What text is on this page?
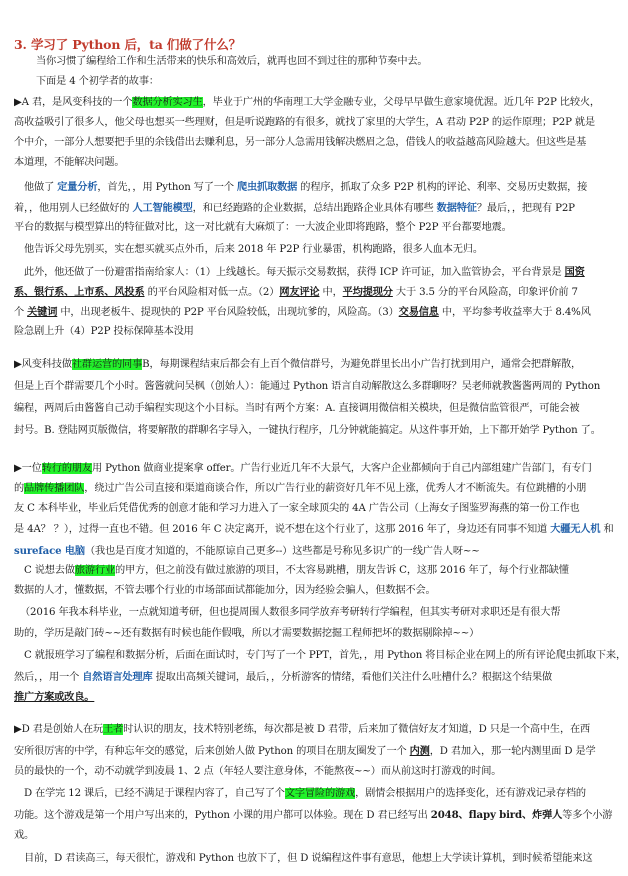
3. 学习了 Python 后，ta 们做了什么？
当你习惯了编程给工作和生活带来的快乐和高效后，就再也回不到过往的那种节奏中去。
下面是 4 个初学者的故事：
▶A 君，是风变科技的一个数据分析实习生，毕业于广州的华南理工大学金融专业，父母早早做生意家境优渥。近几年 P2P 比较火，
高收益吸引了很多人，他父母也想买一些理财，但是听说跑路的有很多，就找了家里的大学生，A 君动 P2P 的运作原理；P2P 就是
个中介，一部分人想要把手里的余钱借出去赚利息，另一部分人急需用钱解决燃眉之急，借钱人的收益越高风险越大。但这些是基
本道理，不能解决问题。
他做了 定量分析，首先，，用 Python 写了一个 爬虫抓取数据 的程序，抓取了众多 P2P 机构的评论、利率、交易历史数据，接
着，，他用别人已经做好的 人工智能模型，和已经跑路的企业数据，总结出跑路企业具体有哪些 数据特征？最后，，把现有 P2P
平台的数据与模型算出的特征做对比，这一对比就有大麻烦了：一大波企业即将跑路，整个 P2P 平台都要地震。
他告诉父母先别买，实在想买就买点外币，后来 2018 年 P2P 行业暴雷，机构跑路，很多人血本无归。
此外，他还做了一份避雷指南给家人：（1）上线越长。每天振示交易数据，获得 ICP 许可证，加入监管协会，平台背景是 国资
系、银行系、上市系、风投系 的平台风险相对低一点。（2）网友评论 中，平均提现分 大于 3.5 分的平台风险高，印象评价前 7
个 关键词 中，出现老板牛、提现快的 P2P 平台风险较低，出现坑爹的，风险高。（3）交易信息 中，平均参考收益率大于 8.4%风
险急剧上升（4）P2P 投标保障基本没用
▶风变科技做社群运营的同事B，每期课程结束后都会有上百个微信群号，为避免群里长出小广告打扰到用户，通常会把群解散，
但是上百个群需要几个小时。酱酱就问吴枫（创始人）：能通过 Python 语言自动解散这么多群聊呀？吴老师就教酱酱两周的 Python
编程，两周后由酱酱自己动手编程实现这个小目标。当时有两个方案：A. 直接调用微信相关模块，但是微信监管很严，可能会被
封号。B. 登陆网页版微信，将要解散的群聊名字导入，一键执行程序，几分钟就能搞定。从这件事开始，上下都开始学 Python 了。
▶一位转行的朋友用 Python 做商业提案拿 offer。广告行业近几年不大景气，大客户企业都倾向于自己内部组建广告部门，有专门
的品牌传播团队，绕过广告公司直接和渠道商谈合作，所以广告行业的薪资好几年不见上涨，优秀人才不断流失。有位跳槽的小朋
友 C 本科毕业，毕业后凭借优秀的创意才能和学习力进入了一家全球顶尖的 4A 广告公司（上海女子图鉴罗海燕的第一份工作也
是 4A？ ？），过得一直也不错。但 2016 年 C 决定离开，说不想在这个行业了，这那 2016 年了，身边还有同事不知道 大疆无人机 和
sureface 电脑（我也是百度才知道的，不能原谅自己更多--）这些都是号称见多识广的一线广告人呀~~
C 说想去做旅游行业的甲方，但之前没有做过旅游的项目，不太容易跳槽，朋友告诉 C，这那 2016 年了，每个行业都缺懂
数据的人才，懂数据，不管去哪个行业的市场部面试都能加分，因为经验会骗人，但数据不会。
（2016 年我本科毕业，一点就知道考研，但也提周围人数很多同学放弃考研转行学编程，但其实考研对求职还是有很大帮
助的，学历是敲门砖~~还有数据有时候也能作假哦，所以才需要数据挖掘工程师把坏的数据剔除掉~~）
C 就报班学习了编程和数据分析，后面在面试时，专门写了一个 PPT，首先，，用 Python 将目标企业在网上的所有评论爬虫抓取下来，
然后，，用一个 自然语言处理库 提取出高频关键词，最后，，分析游客的情绪，看他们关注什么吐槽什么？根据这个结果做
推广方案或改良。
▶D 君是创始人在玩王者时认识的朋友，技术特别老练，每次都是被 D 君带，后来加了微信好友才知道，D 只是一个高中生，在西
安所很厉害的中学，有种忘年交的感觉，后来创始人做 Python 的项目在朋友圈发了一个 内测，D 君加入，那一轮内测里面 D 是学
员的最快的一个，动不动就学到凌晨 1、2 点（年轻人要注意身体，不能熬夜~~）而从前这时打游戏的时间。
D 在学完 12 课后，已经不满足于课程内容了，自己写了个文字冒险的游戏，剧情会根据用户的选择变化，还有游戏记录存档的
功能。这个游戏是第一个用户写出来的，Python 小课的用户都可以体验。现在 D 君已经写出 2048、flapy bird、炸弹人等多个小游
戏。
目前，D 君读高三，每天很忙，游戏和 Python 也放下了，但 D 说编程这件事有意思，他想上大学读计算机，到时候希望能来这
